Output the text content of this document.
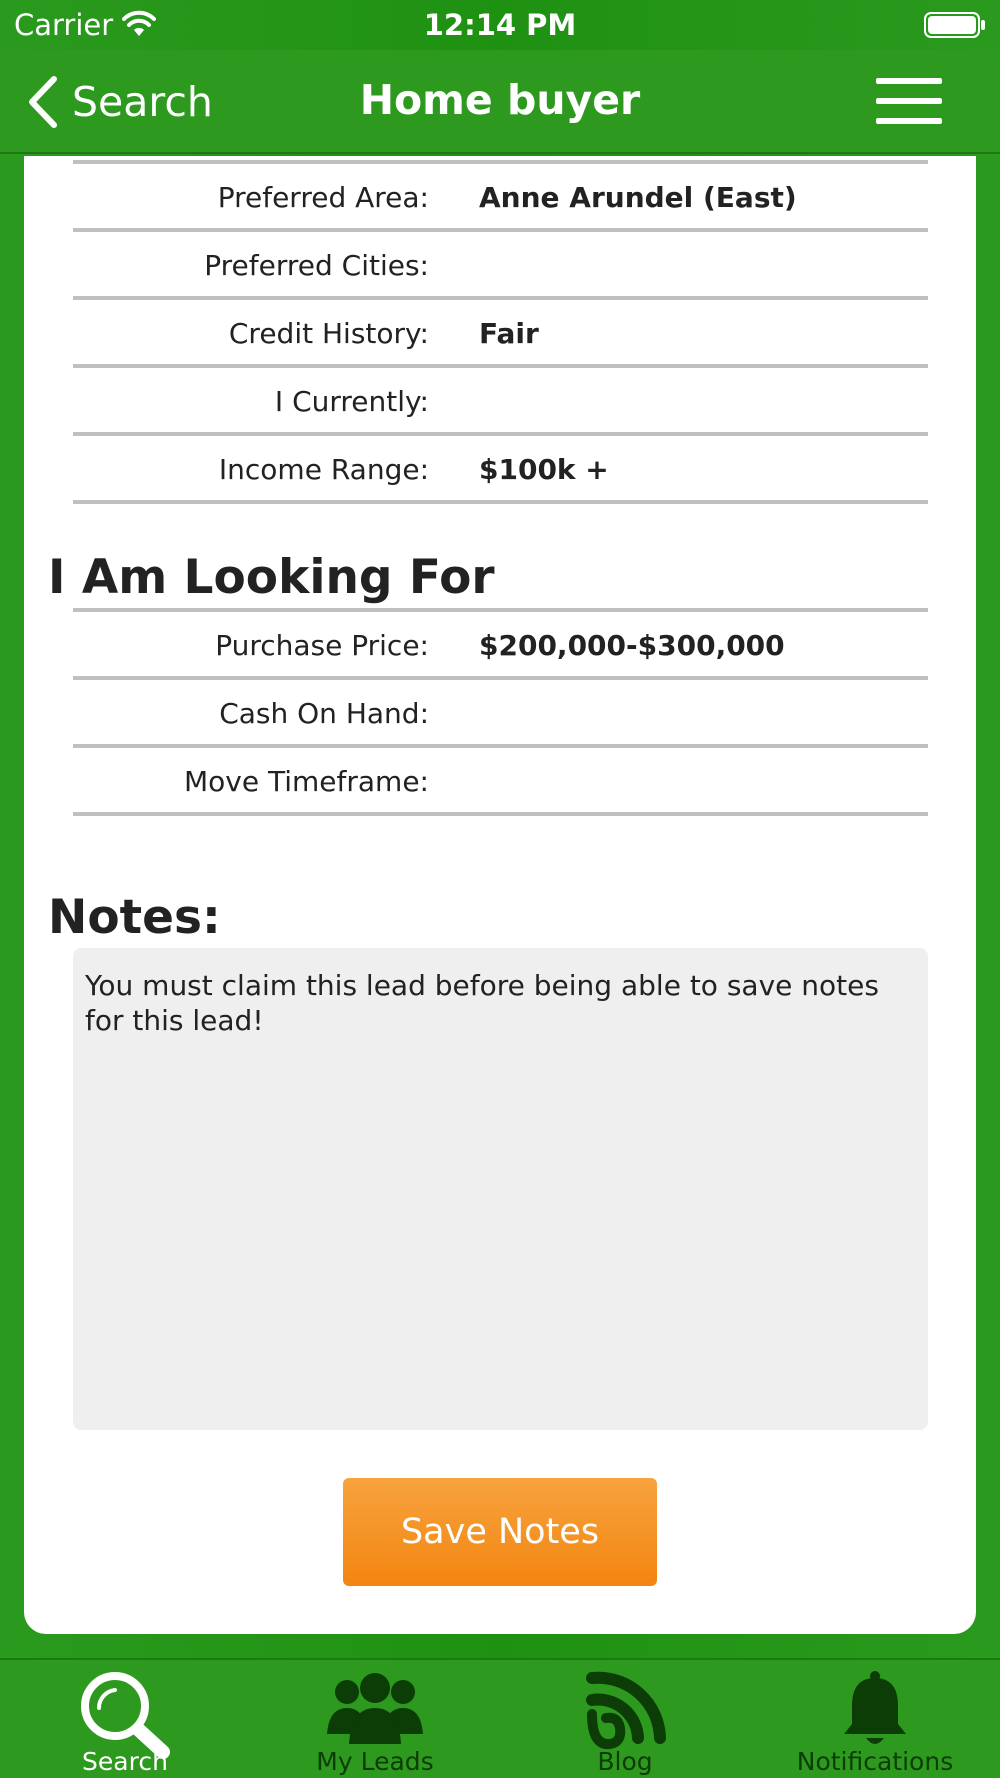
Carrier	12:14 PM
Search	Home buyer
Preferred Area: Anne Arundel (East)
Preferred Cities:
Credit History: Fair
I Currently:
Income Range: $100k +
I Am Looking For
Purchase Price: $200,000-$300,000
Cash On Hand:
Move Timeframe:
Notes:
You must claim this lead before being able to save notes for this lead!
Save Notes
Search	My Leads	Blog	Notifications
